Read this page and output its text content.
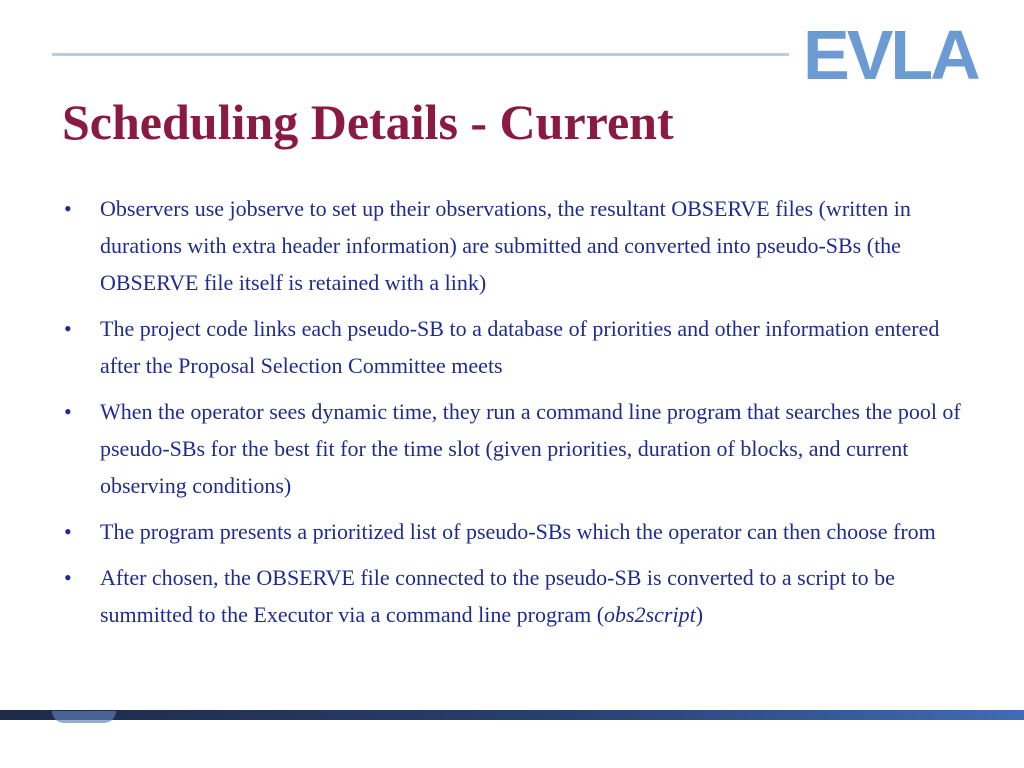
EVLA
Scheduling Details - Current
• Observers use jobserve to set up their observations, the resultant OBSERVE files (written in durations with extra header information) are submitted and converted into pseudo-SBs (the OBSERVE file itself is retained with a link)
• The project code links each pseudo-SB to a database of priorities and other information entered after the Proposal Selection Committee meets
• When the operator sees dynamic time, they run a command line program that searches the pool of pseudo-SBs for the best fit for the time slot (given priorities, duration of blocks, and current observing conditions)
• The program presents a prioritized list of pseudo-SBs which the operator can then choose from
• After chosen, the OBSERVE file connected to the pseudo-SB is converted to a script to be summitted to the Executor via a command line program (obs2script)
